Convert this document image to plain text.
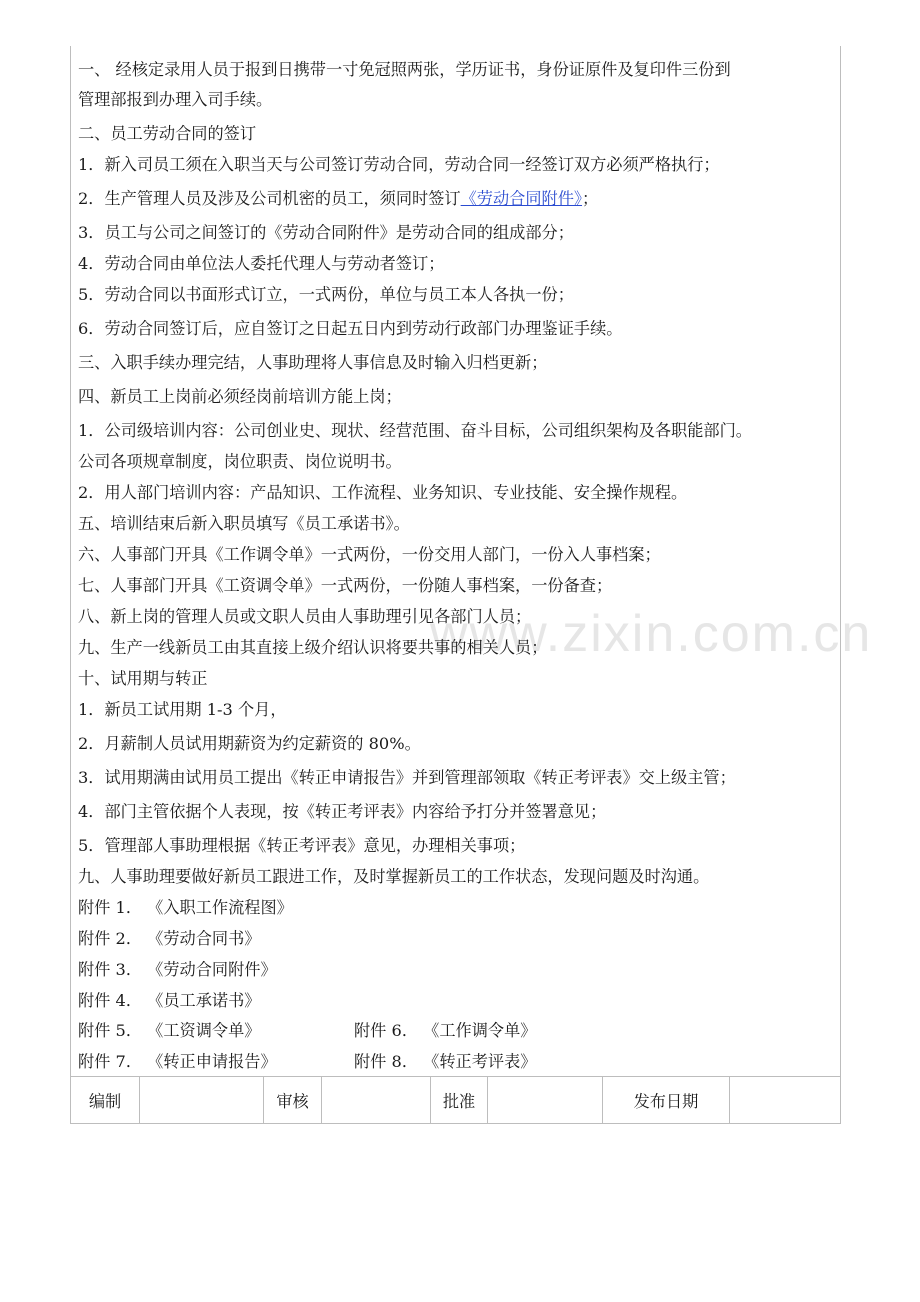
www.zixin.com.cn
一、 经核定录用人员于报到日携带一寸免冠照两张，学历证书，身份证原件及复印件三份到
管理部报到办理入司手续。
二、员工劳动合同的签订
1．新入司员工须在入职当天与公司签订劳动合同，劳动合同一经签订双方必须严格执行；
2．生产管理人员及涉及公司机密的员工，须同时签订《劳动合同附件》；
3．员工与公司之间签订的《劳动合同附件》是劳动合同的组成部分；
4．劳动合同由单位法人委托代理人与劳动者签订；
5．劳动合同以书面形式订立，一式两份，单位与员工本人各执一份；
6．劳动合同签订后，应自签订之日起五日内到劳动行政部门办理鉴证手续。
三、入职手续办理完结，人事助理将人事信息及时输入归档更新；
四、新员工上岗前必须经岗前培训方能上岗；
1．公司级培训内容：公司创业史、现状、经营范围、奋斗目标，公司组织架构及各职能部门。
公司各项规章制度，岗位职责、岗位说明书。
2．用人部门培训内容：产品知识、工作流程、业务知识、专业技能、安全操作规程。
五、培训结束后新入职员填写《员工承诺书》。
六、人事部门开具《工作调令单》一式两份，一份交用人部门，一份入人事档案；
七、人事部门开具《工资调令单》一式两份，一份随人事档案，一份备查；
八、新上岗的管理人员或文职人员由人事助理引见各部门人员；
九、生产一线新员工由其直接上级介绍认识将要共事的相关人员；
十、试用期与转正
1．新员工试用期 1-3 个月，
2．月薪制人员试用期薪资为约定薪资的 80%。
3．试用期满由试用员工提出《转正申请报告》并到管理部领取《转正考评表》交上级主管；
4．部门主管依据个人表现，按《转正考评表》内容给予打分并签署意见；
5．管理部人事助理根据《转正考评表》意见，办理相关事项；
九、人事助理要做好新员工跟进工作，及时掌握新员工的工作状态，发现问题及时沟通。
附件 1． 《入职工作流程图》
附件 2． 《劳动合同书》
附件 3． 《劳动合同附件》
附件 4． 《员工承诺书》
附件 5． 《工资调令单》	附件 6． 《工作调令单》
附件 7． 《转正申请报告》	附件 8． 《转正考评表》
编制		审核		批准		发布日期	
